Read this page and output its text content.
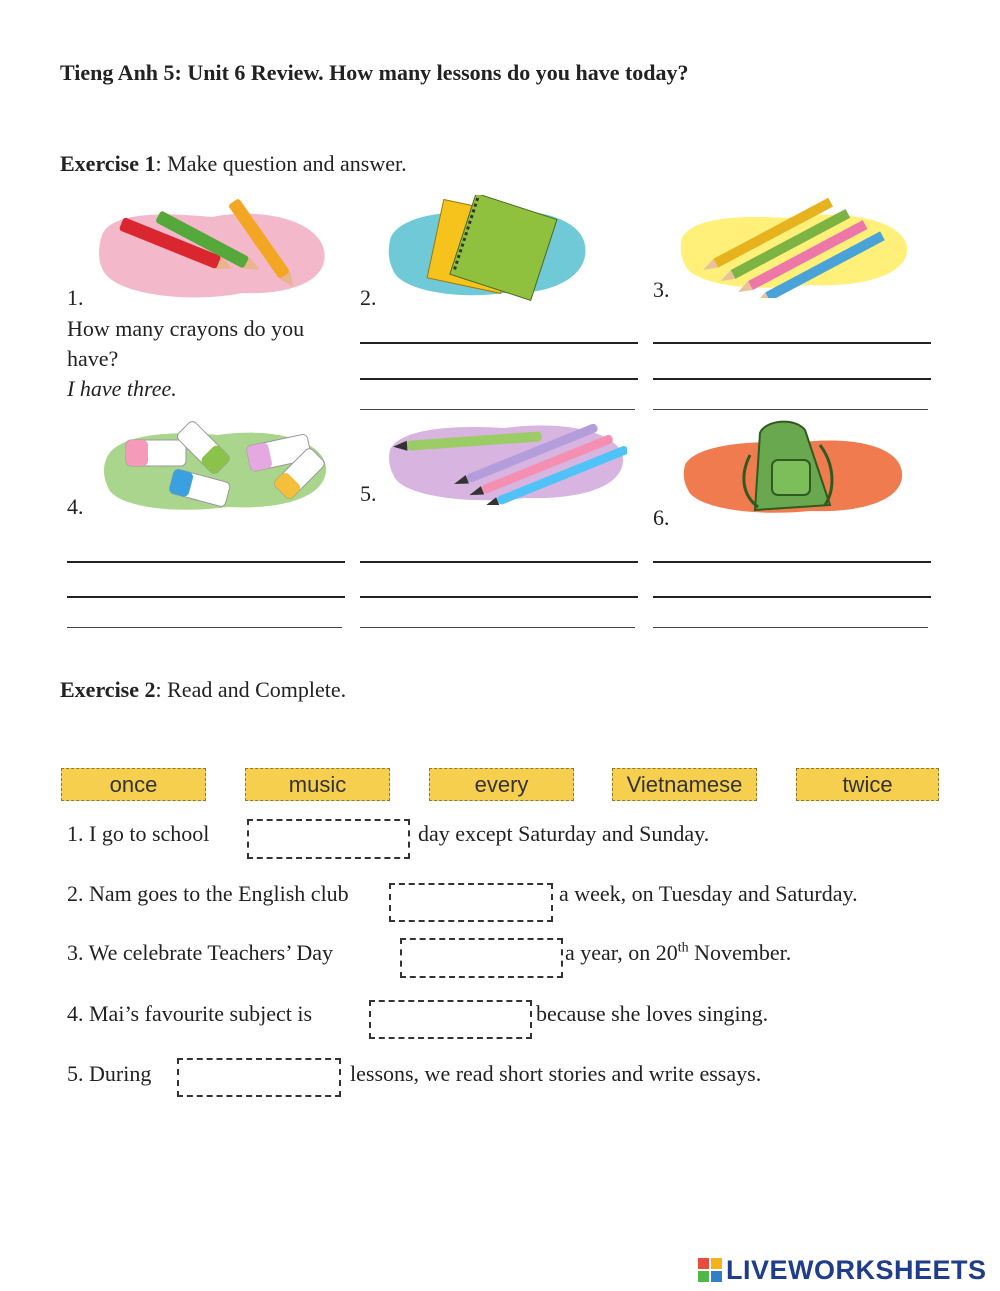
Tieng Anh 5: Unit 6 Review. How many lessons do you have today?
Exercise 1: Make question and answer.
1.
How many crayons do you have?
I have three.
2.	3.
4.
5.
6.
Exercise 2: Read and Complete.
once	music	every	Vietnamese	twice
1. I go to school	day except Saturday and Sunday.
2. Nam goes to the English club	a week, on Tuesday and Saturday.
3. We celebrate Teachers’ Day	a year, on 20th November.
4. Mai’s favourite subject is	because she loves singing.
5. During	lessons, we read short stories and write essays.
LIVEWORKSHEETS
